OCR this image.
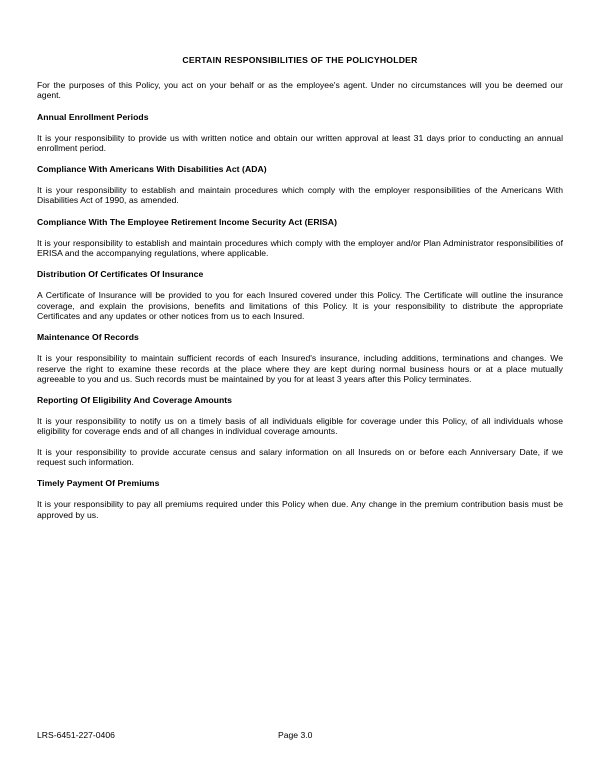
CERTAIN RESPONSIBILITIES OF THE POLICYHOLDER
For the purposes of this Policy, you act on your behalf or as the employee's agent. Under no circumstances will you be deemed our agent.
Annual Enrollment Periods
It is your responsibility to provide us with written notice and obtain our written approval at least 31 days prior to conducting an annual enrollment period.
Compliance With Americans With Disabilities Act (ADA)
It is your responsibility to establish and maintain procedures which comply with the employer responsibilities of the Americans With Disabilities Act of 1990, as amended.
Compliance With The Employee Retirement Income Security Act (ERISA)
It is your responsibility to establish and maintain procedures which comply with the employer and/or Plan Administrator responsibilities of ERISA and the accompanying regulations, where applicable.
Distribution Of Certificates Of Insurance
A Certificate of Insurance will be provided to you for each Insured covered under this Policy. The Certificate will outline the insurance coverage, and explain the provisions, benefits and limitations of this Policy. It is your responsibility to distribute the appropriate Certificates and any updates or other notices from us to each Insured.
Maintenance Of Records
It is your responsibility to maintain sufficient records of each Insured's insurance, including additions, terminations and changes. We reserve the right to examine these records at the place where they are kept during normal business hours or at a place mutually agreeable to you and us. Such records must be maintained by you for at least 3 years after this Policy terminates.
Reporting Of Eligibility And Coverage Amounts
It is your responsibility to notify us on a timely basis of all individuals eligible for coverage under this Policy, of all individuals whose eligibility for coverage ends and of all changes in individual coverage amounts.
It is your responsibility to provide accurate census and salary information on all Insureds on or before each Anniversary Date, if we request such information.
Timely Payment Of Premiums
It is your responsibility to pay all premiums required under this Policy when due. Any change in the premium contribution basis must be approved by us.
LRS-6451-227-0406	Page 3.0
